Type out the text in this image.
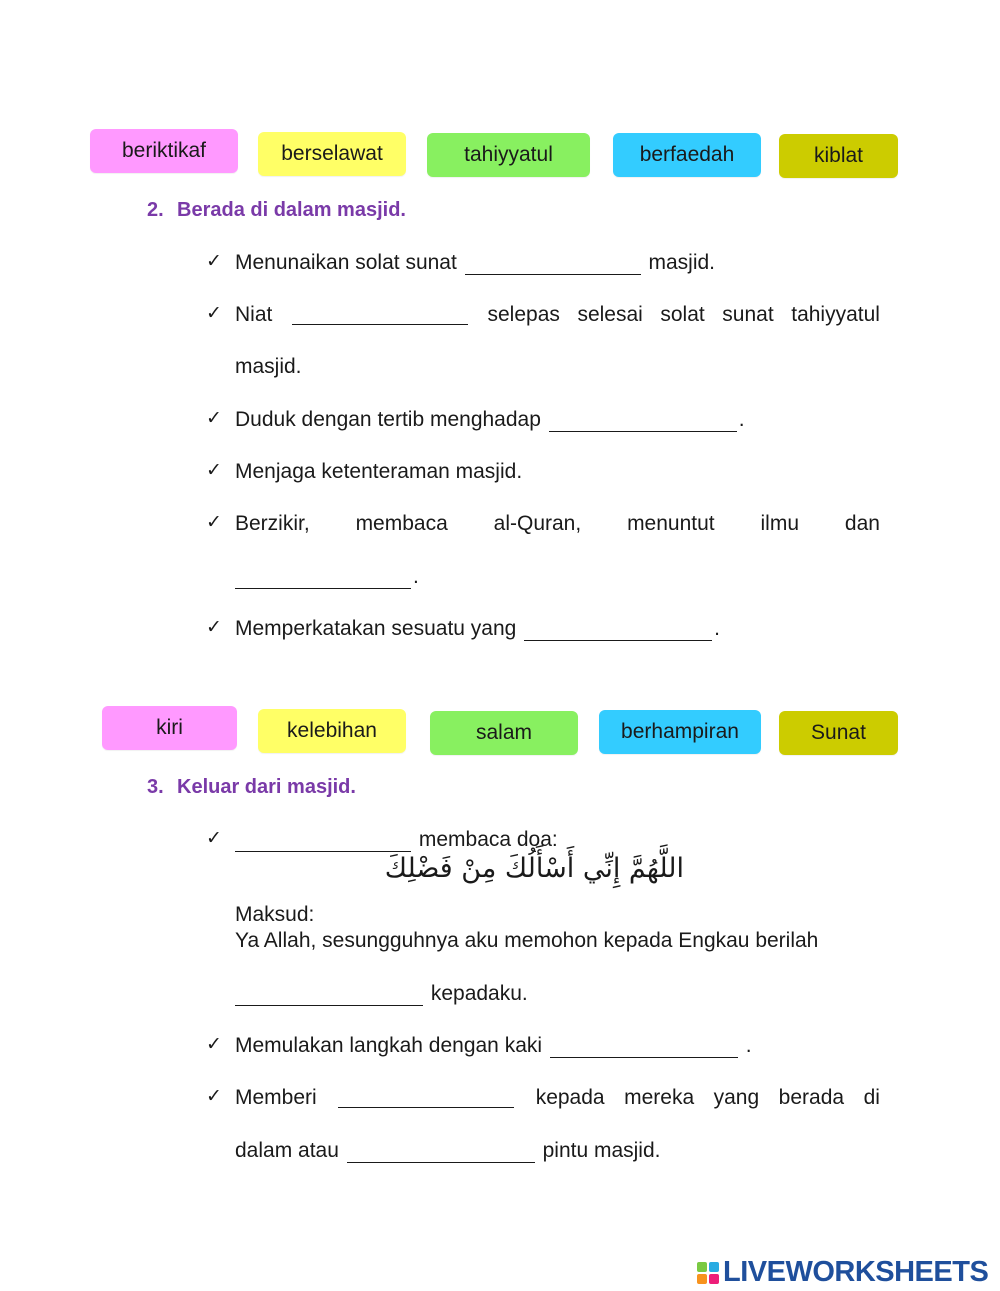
beriktikaf	berselawat	tahiyyatul	berfaedah	kiblat
2. Berada di dalam masjid.
✓ Menunaikan solat sunat	masjid.
✓ Niat	selepas selesai solat sunat tahiyyatul
masjid.
✓ Duduk dengan tertib menghadap	.
✓ Menjaga ketenteraman masjid.
✓ Berzikir, membaca al-Quran, menuntut ilmu dan
.
✓ Memperkatakan sesuatu yang	.
kiri	kelebihan	salam	berhampiran	Sunat
3. Keluar dari masjid.
✓	membaca doa:
اللَّهُمَّ إِنِّي أَسْأَلُكَ مِنْ فَضْلِكَ
Maksud:
Ya Allah, sesungguhnya aku memohon kepada Engkau berilah
kepadaku.
✓ Memulakan langkah dengan kaki	.
✓ Memberi	kepada mereka yang berada di
dalam atau	pintu masjid.
LIVEWORKSHEETS
